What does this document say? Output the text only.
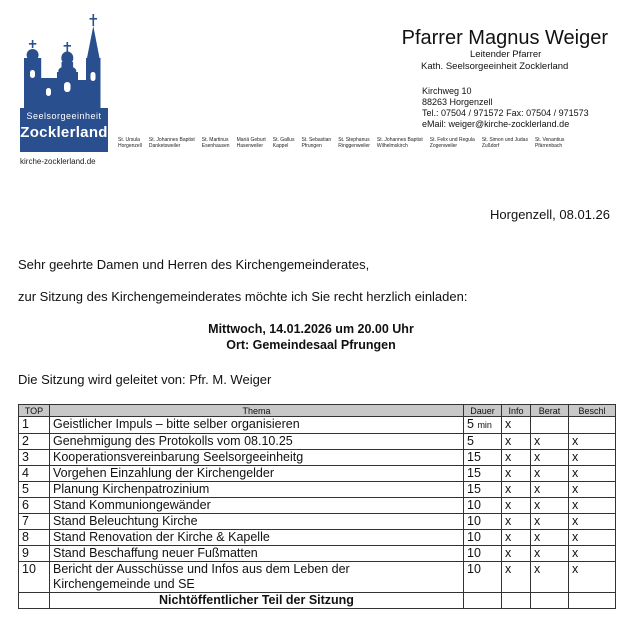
Seelsorgeeinheit
Zocklerland
kirche-zocklerland.de
St. Ursula
Horgenzell
St. Johannes Baptist
Danketsweiler
St. Martinus
Esenhausen
Mariä Geburt
Haserweiler
St. Gallus
Kappel
St. Sebastian
Pfrungen
St. Stephanus
Ringgenweiler
St. Johannes Baptist
Wilhelmskirch
St. Felix und Regula
Zogenweiler
St. Simon und Judas
Zußdorf
St. Venantius
Pfärrenbach
Pfarrer Magnus Weiger
Leitender Pfarrer
Kath. Seelsorgeeinheit Zocklerland
Kirchweg 10
88263 Horgenzell
Tel.: 07504 / 971572 Fax: 07504 / 971573
eMail: weiger@kirche-zocklerland.de
Horgenzell, 08.01.26
Sehr geehrte Damen und Herren des Kirchengemeinderates,
zur Sitzung des Kirchengemeinderates möchte ich Sie recht herzlich einladen:
Mittwoch, 14.01.2026 um 20.00 Uhr
Ort: Gemeindesaal Pfrungen
Die Sitzung wird geleitet von: Pfr. M. Weiger
TOP	Thema	Dauer	Info	Berat	Beschl
1	Geistlicher Impuls – bitte selber organisieren	5 min	x		
2	Genehmigung des Protokolls vom 08.10.25	5	x	x	x
3	Kooperationsvereinbarung Seelsorgeeinheitg	15	x	x	x
4	Vorgehen Einzahlung der Kirchengelder	15	x	x	x
5	Planung Kirchenpatrozinium	15	x	x	x
6	Stand Kommuniongewänder	10	x	x	x
7	Stand Beleuchtung Kirche	10	x	x	x
8	Stand Renovation der Kirche & Kapelle	10	x	x	x
9	Stand Beschaffung neuer Fußmatten	10	x	x	x
10	Bericht der Ausschüsse und Infos aus dem Leben der
Kirchengemeinde und SE	10	x	x	x
	Nichtöffentlicher Teil der Sitzung				
